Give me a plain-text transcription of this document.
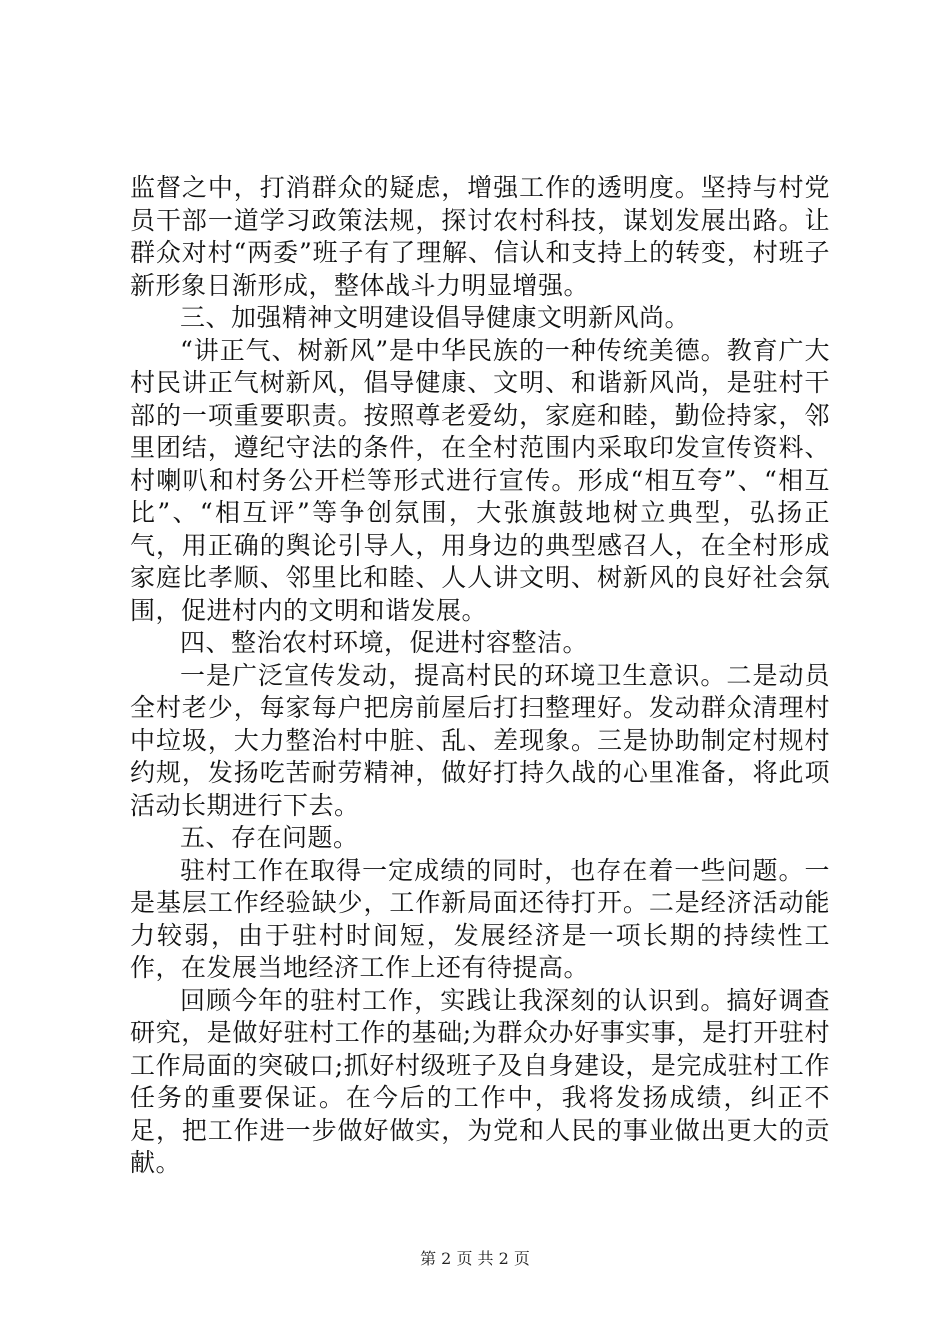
监督之中，打消群众的疑虑，增强工作的透明度。坚持与村党员干部一道学习政策法规，探讨农村科技，谋划发展出路。让群众对村“两委”班子有了理解、信认和支持上的转变，村班子新形象日渐形成，整体战斗力明显增强。

三、加强精神文明建设倡导健康文明新风尚。

“讲正气、树新风”是中华民族的一种传统美德。教育广大村民讲正气树新风，倡导健康、文明、和谐新风尚，是驻村干部的一项重要职责。按照尊老爱幼，家庭和睦，勤俭持家，邻里团结，遵纪守法的条件，在全村范围内采取印发宣传资料、村喇叭和村务公开栏等形式进行宣传。形成“相互夸”、“相互比”、“相互评”等争创氛围，大张旗鼓地树立典型，弘扬正气，用正确的舆论引导人，用身边的典型感召人，在全村形成家庭比孝顺、邻里比和睦、人人讲文明、树新风的良好社会氛围，促进村内的文明和谐发展。

四、整治农村环境，促进村容整洁。

一是广泛宣传发动，提高村民的环境卫生意识。二是动员全村老少，每家每户把房前屋后打扫整理好。发动群众清理村中垃圾，大力整治村中脏、乱、差现象。三是协助制定村规村约规，发扬吃苦耐劳精神，做好打持久战的心里准备，将此项活动长期进行下去。

五、存在问题。

驻村工作在取得一定成绩的同时，也存在着一些问题。一是基层工作经验缺少，工作新局面还待打开。二是经济活动能力较弱，由于驻村时间短，发展经济是一项长期的持续性工作，在发展当地经济工作上还有待提高。

回顾今年的驻村工作，实践让我深刻的认识到。搞好调查研究，是做好驻村工作的基础;为群众办好事实事，是打开驻村工作局面的突破口;抓好村级班子及自身建设，是完成驻村工作任务的重要保证。在今后的工作中，我将发扬成绩，纠正不足，把工作进一步做好做实，为党和人民的事业做出更大的贡献。

第 2 页 共 2 页
